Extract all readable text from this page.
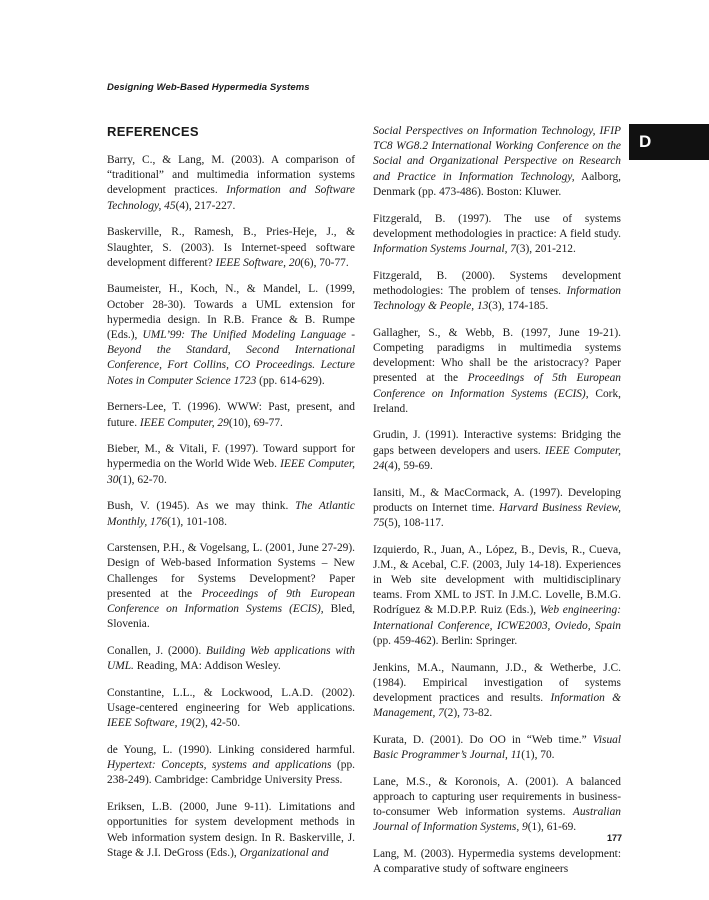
Designing Web-Based Hypermedia Systems
D
REFERENCES

Barry, C., & Lang, M. (2003). A comparison of “traditional” and multimedia information systems development practices. Information and Software Technology, 45(4), 217-227.

Baskerville, R., Ramesh, B., Pries-Heje, J., & Slaughter, S. (2003). Is Internet-speed software development different? IEEE Software, 20(6), 70-77.

Baumeister, H., Koch, N., & Mandel, L. (1999, October 28-30). Towards a UML extension for hypermedia design. In R.B. France & B. Rumpe (Eds.), UML’99: The Unified Modeling Language - Beyond the Standard, Second International Conference, Fort Collins, CO Proceedings. Lecture Notes in Computer Science 1723 (pp. 614-629).

Berners-Lee, T. (1996). WWW: Past, present, and future. IEEE Computer, 29(10), 69-77.

Bieber, M., & Vitali, F. (1997). Toward support for hypermedia on the World Wide Web. IEEE Computer, 30(1), 62-70.

Bush, V. (1945). As we may think. The Atlantic Monthly, 176(1), 101-108.

Carstensen, P.H., & Vogelsang, L. (2001, June 27-29). Design of Web-based Information Systems – New Challenges for Systems Development? Paper presented at the Proceedings of 9th European Conference on Information Systems (ECIS), Bled, Slovenia.

Conallen, J. (2000). Building Web applications with UML. Reading, MA: Addison Wesley.

Constantine, L.L., & Lockwood, L.A.D. (2002). Usage-centered engineering for Web applications. IEEE Software, 19(2), 42-50.

de Young, L. (1990). Linking considered harmful. Hypertext: Concepts, systems and applications (pp. 238-249). Cambridge: Cambridge University Press.

Eriksen, L.B. (2000, June 9-11). Limitations and opportunities for system development methods in Web information system design. In R. Baskerville, J. Stage & J.I. DeGross (Eds.), Organizational and

Social Perspectives on Information Technology, IFIP TC8 WG8.2 International Working Conference on the Social and Organizational Perspective on Research and Practice in Information Technology, Aalborg, Denmark (pp. 473-486). Boston: Kluwer.

Fitzgerald, B. (1997). The use of systems development methodologies in practice: A field study. Information Systems Journal, 7(3), 201-212.

Fitzgerald, B. (2000). Systems development methodologies: The problem of tenses. Information Technology & People, 13(3), 174-185.

Gallagher, S., & Webb, B. (1997, June 19-21). Competing paradigms in multimedia systems development: Who shall be the aristocracy? Paper presented at the Proceedings of 5th European Conference on Information Systems (ECIS), Cork, Ireland.

Grudin, J. (1991). Interactive systems: Bridging the gaps between developers and users. IEEE Computer, 24(4), 59-69.

Iansiti, M., & MacCormack, A. (1997). Developing products on Internet time. Harvard Business Review, 75(5), 108-117.

Izquierdo, R., Juan, A., López, B., Devis, R., Cueva, J.M., & Acebal, C.F. (2003, July 14-18). Experiences in Web site development with multidisciplinary teams. From XML to JST. In J.M.C. Lovelle, B.M.G. Rodríguez & M.D.P.P. Ruiz (Eds.), Web engineering: International Conference, ICWE2003, Oviedo, Spain (pp. 459-462). Berlin: Springer.

Jenkins, M.A., Naumann, J.D., & Wetherbe, J.C. (1984). Empirical investigation of systems development practices and results. Information & Management, 7(2), 73-82.

Kurata, D. (2001). Do OO in “Web time.” Visual Basic Programmer’s Journal, 11(1), 70.

Lane, M.S., & Koronois, A. (2001). A balanced approach to capturing user requirements in business-to-consumer Web information systems. Australian Journal of Information Systems, 9(1), 61-69.

Lang, M. (2003). Hypermedia systems development: A comparative study of software engineers

177
